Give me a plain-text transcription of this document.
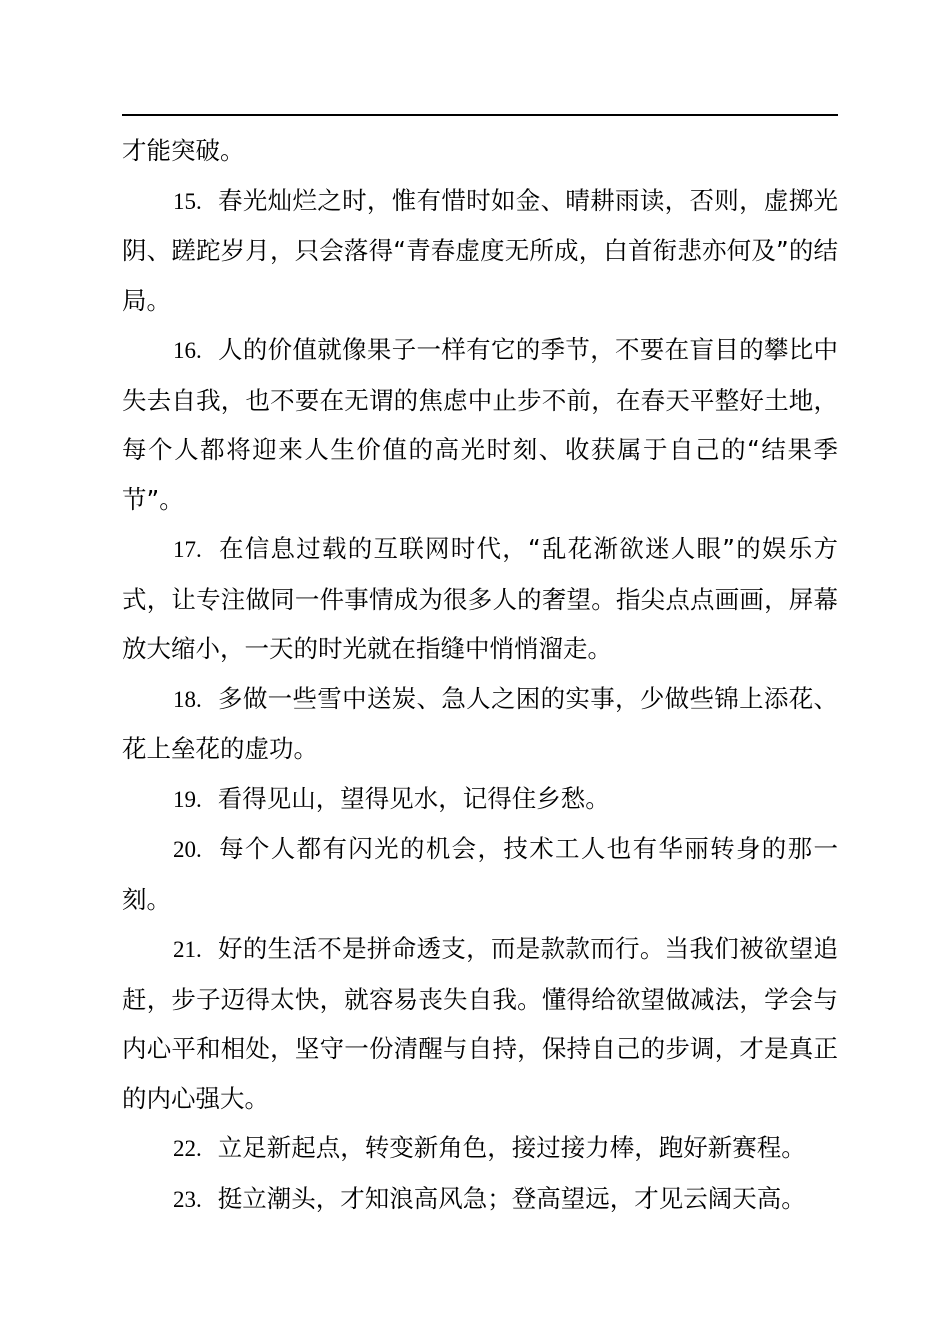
才能突破。

15. 春光灿烂之时，惟有惜时如金、晴耕雨读，否则，虚掷光阴、蹉跎岁月，只会落得“青春虚度无所成，白首衔悲亦何及”的结局。

16. 人的价值就像果子一样有它的季节，不要在盲目的攀比中失去自我，也不要在无谓的焦虑中止步不前，在春天平整好土地，每个人都将迎来人生价值的高光时刻、收获属于自己的“结果季节”。

17. 在信息过载的互联网时代，“乱花渐欲迷人眼”的娱乐方式，让专注做同一件事情成为很多人的奢望。指尖点点画画，屏幕放大缩小，一天的时光就在指缝中悄悄溜走。

18. 多做一些雪中送炭、急人之困的实事，少做些锦上添花、花上垒花的虚功。

19. 看得见山，望得见水，记得住乡愁。

20. 每个人都有闪光的机会，技术工人也有华丽转身的那一刻。

21. 好的生活不是拼命透支，而是款款而行。当我们被欲望追赶，步子迈得太快，就容易丧失自我。懂得给欲望做减法，学会与内心平和相处，坚守一份清醒与自持，保持自己的步调，才是真正的内心强大。

22. 立足新起点，转变新角色，接过接力棒，跑好新赛程。

23. 挺立潮头，才知浪高风急；登高望远，才见云阔天高。
